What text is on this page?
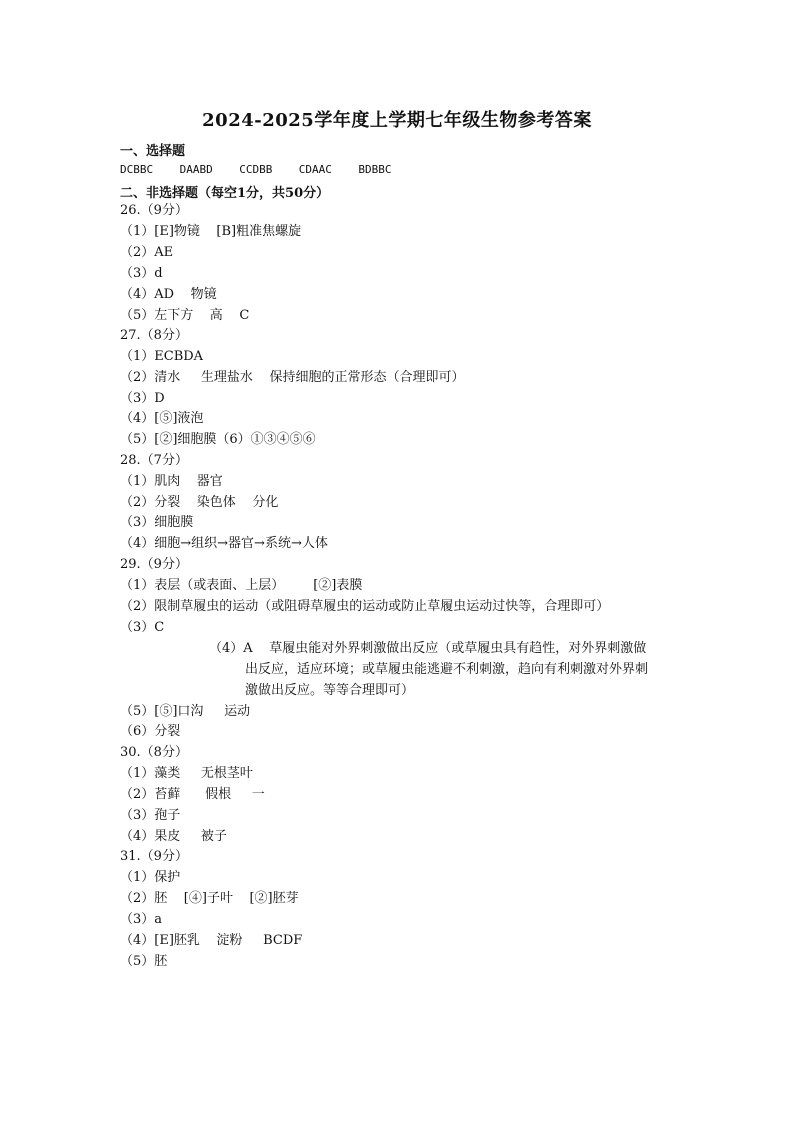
2024-2025学年度上学期七年级生物参考答案
一、选择题
DCBBC    DAABD    CCDBB    CDAAC    BDBBC
二、非选择题（每空1分，共50分）
26.（9分）
（1）[E]物镜    [B]粗准焦螺旋
（2）AE
（3）d
（4）AD    物镜
（5）左下方    高    C
27.（8分）
（1）ECBDA
（2）清水     生理盐水    保持细胞的正常形态（合理即可）
（3）D
（4）[⑤]液泡
（5）[②]细胞膜（6）①③④⑤⑥
28.（7分）
（1）肌肉    器官
（2）分裂    染色体    分化
（3）细胞膜
（4）细胞→组织→器官→系统→人体
29.（9分）
（1）表层（或表面、上层）       [②]表膜
（2）限制草履虫的运动（或阻碍草履虫的运动或防止草履虫运动过快等，合理即可）
（3）C
（4）A    草履虫能对外界刺激做出反应（或草履虫具有趋性，对外界刺激做
出反应，适应环境；或草履虫能逃避不利刺激，趋向有利刺激对外界刺
激做出反应。等等合理即可）
（5）[⑤]口沟     运动
（6）分裂
30.（8分）
（1）藻类     无根茎叶
（2）苔藓      假根     一
（3）孢子
（4）果皮     被子
31.（9分）
（1）保护
（2）胚    [④]子叶    [②]胚芽
（3）a
（4）[E]胚乳    淀粉     BCDF
（5）胚
